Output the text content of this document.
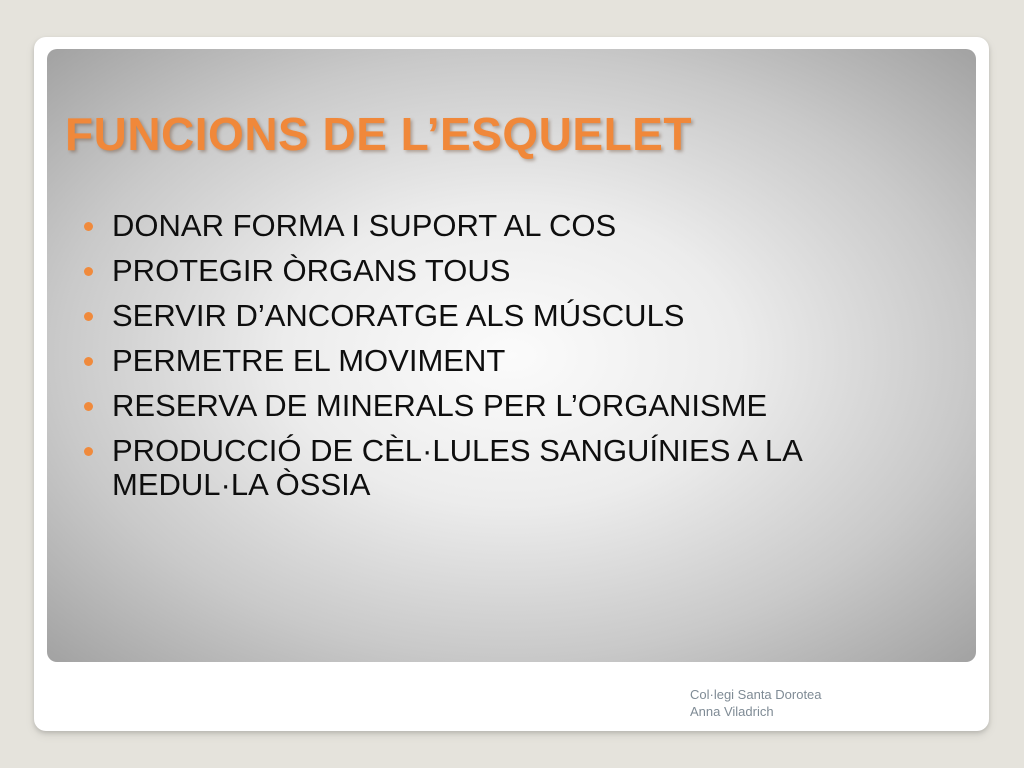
FUNCIONS DE L’ESQUELET
DONAR FORMA I SUPORT AL COS
PROTEGIR ÒRGANS TOUS
SERVIR D’ANCORATGE ALS MÚSCULS
PERMETRE EL MOVIMENT
RESERVA DE MINERALS PER L’ORGANISME
PRODUCCIÓ DE CÈL·LULES SANGUÍNIES A LA MEDUL·LA ÒSSIA
Col·legi Santa Dorotea
Anna Viladrich
